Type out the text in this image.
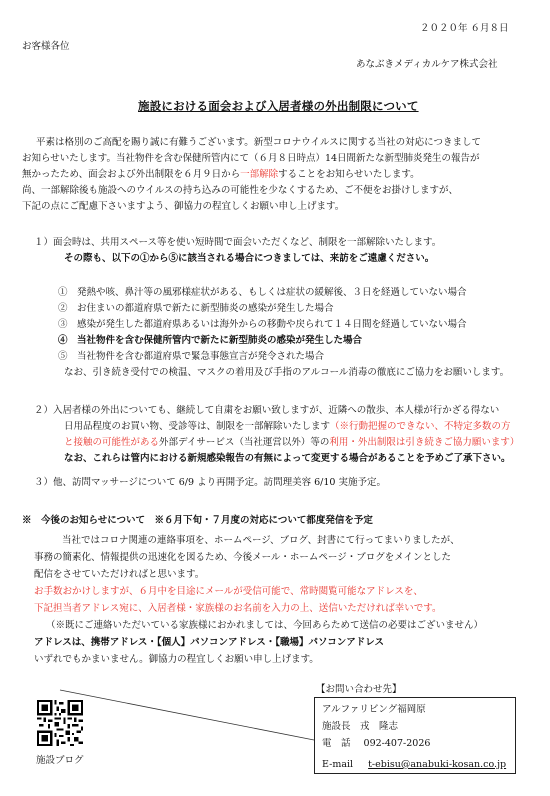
２０２０年 ６月８日
お客様各位
あなぶきメディカルケア株式会社
施設における面会および入居者様の外出制限について
平素は格別のご高配を賜り誠に有難うございます。新型コロナウイルスに関する当社の対応につきまして
お知らせいたします。当社物件を含む保健所管内にて（６月８日時点）14日間新たな新型肺炎発生の報告が
無かったため、面会および外出制限を６月９日から一部解除することをお知らせいたします。
尚、一部解除後も施設へのウイルスの持ち込みの可能性を少なくするため、ご不便をお掛けしますが、
下記の点にご配慮下さいますよう、御協力の程宜しくお願い申し上げます。
１）面会時は、共用スペース等を使い短時間で面会いただくなど、制限を一部解除いたします。
その際も、以下の①から⑤に該当される場合につきましては、来訪をご遠慮ください。
①　発熱や咳、鼻汁等の風邪様症状がある、もしくは症状の緩解後、３日を経過していない場合
②　お住まいの都道府県で新たに新型肺炎の感染が発生した場合
③　感染が発生した都道府県あるいは海外からの移動や戻られて１４日間を経過していない場合
④　当社物件を含む保健所管内で新たに新型肺炎の感染が発生した場合
⑤　当社物件を含む都道府県で緊急事態宣言が発令された場合
なお、引き続き受付での検温、マスクの着用及び手指のアルコール消毒の徹底にご協力をお願いします。
２）入居者様の外出についても、継続して自粛をお願い致しますが、近隣への散歩、本人様が行かざる得ない
日用品程度のお買い物、受診等は、制限を一部解除いたします（※行動把握のできない、不特定多数の方
と接触の可能性がある外部デイサービス（当社運営以外）等の利用・外出制限は引き続きご協力願います）
なお、これらは管内における新規感染報告の有無によって変更する場合があることを予めご了承下さい。
３）他、訪問マッサージについて 6/9 より再開予定。訪問理美容 6/10 実施予定。
※　今後のお知らせについて　※６月下旬・７月度の対応について都度発信を予定
当社ではコロナ関連の連絡事項を、ホームページ、ブログ、封書にて行ってまいりましたが、
事務の簡素化、情報提供の迅速化を図るため、今後メール・ホームページ・ブログをメインとした
配信をさせていただければと思います。
お手数おかけしますが、６月中を目途にメールが受信可能で、常時閲覧可能なアドレスを、
下記担当者アドレス宛に、入居者様・家族様のお名前を入力の上、送信いただければ幸いです。
（※既にご連絡いただいている家族様におかれましては、今回あらためて送信の必要はございません）
アドレスは、携帯アドレス・【個人】パソコンアドレス・【職場】パソコンアドレス
いずれでもかまいません。御協力の程宜しくお願い申し上げます。
【お問い合わせ先】
アルファリビング福岡原
施設長　戎　隆志
電　話 092-407-2026
E-mail t-ebisu@anabuki-kosan.co.jp
施設ブログ
